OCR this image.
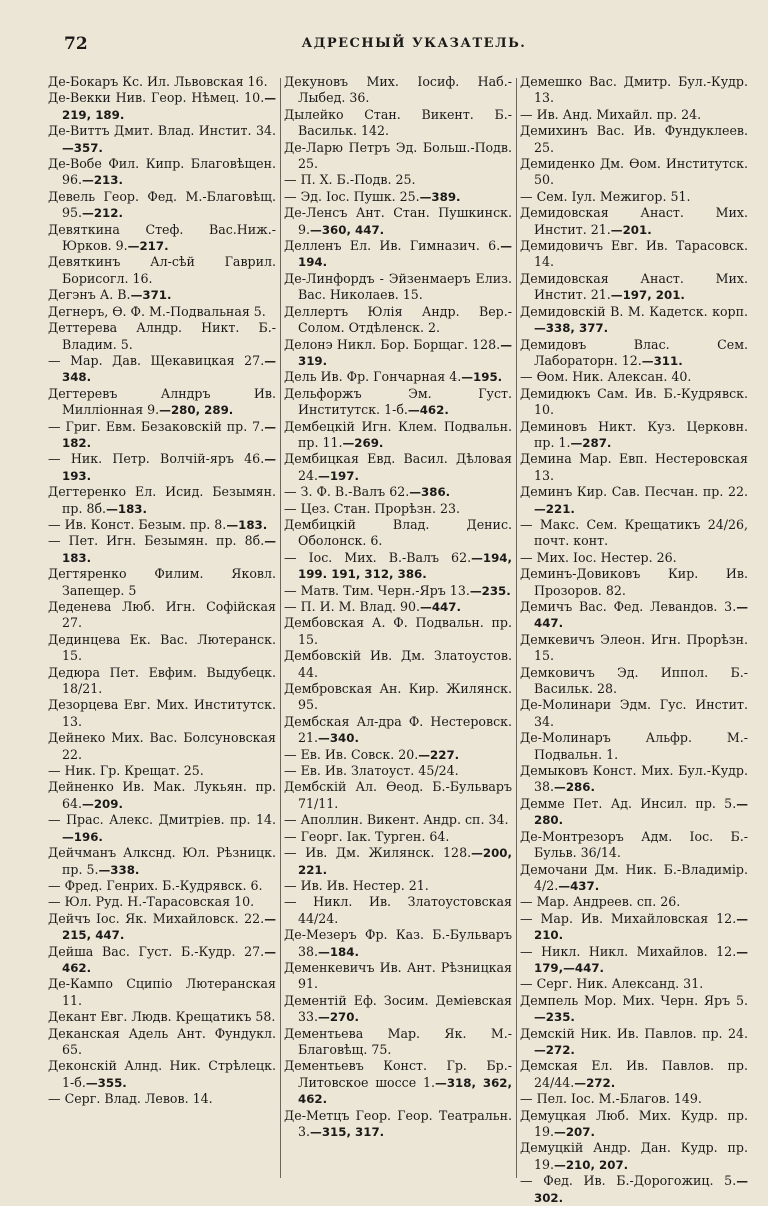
72	АДРЕСНЫЙ УКАЗАТЕЛЬ.
Де-Бокаръ Кс. Ил. Львовская 16.
Де-Векки Нив. Геор. Нѣмец. 10.—219, 189.
Де-Виттъ Дмит. Влад. Инстит. 34.—357.
Де-Вобе Фил. Кипр. Благовѣщен. 96.—213.
Девель Геор. Фед. М.-Благовѣщ. 95.—212.
Девяткина Стеф. Вас.Ниж.-Юрков. 9.—217.
Девяткинъ Ал-сѣй Гаврил. Борисогл. 16.
Дегэнъ А. В.—371.
Дегнеръ, Ѳ. Ф. М.-Подвальная 5.
Деттерева Алндр. Никт. Б.-Владим. 5.
— Мар. Дав. Щекавицкая 27.—348.
Дегтеревъ Алндръ Ив. Миллiонная 9.—280, 289.
— Григ. Евм. Безаковскiй пр. 7.—182.
— Ник. Петр. Волчiй-яръ 46.—193.
Дегтеренко Ел. Исид. Безымян. пр. 8б.—183.
— Ив. Конст. Безым. пр. 8.—183.
— Пет. Игн. Безымян. пр. 8б.—183.
Дегтяренко Филим. Яковл. Запещер. 5
Деденева Люб. Игн. Софiйская 27.
Дединцева Ек. Вас. Лютеранск. 15.
Дедюра Пет. Евфим. Выдубецк. 18/21.
Дезорцева Евг. Мих. Институтск. 13.
Дейнеко Мих. Вас. Болсуновская 22.
— Ник. Гр. Крещат. 25.
Дейненко Ив. Мак. Лукьян. пр. 64.—209.
— Прас. Алекс. Дмитрiев. пр. 14.—196.
Дейчманъ Алкснд. Юл. Рѣзницк. пр. 5.—338.
— Фред. Генрих. Б.-Кудрявск. 6.
— Юл. Руд. Н.-Тарасовская 10.
Дейчъ Іос. Як. Михайловск. 22.—215, 447.
Дейша Вас. Густ. Б.-Кудр. 27.—462.
Де-Кампо Сципiо Лютеранская 11.
Декант Евг. Людв. Крещатикъ 58.
Деканская Адель Ант. Фундукл. 65.
Деконскiй Алнд. Ник. Стрѣлецк. 1-б.—355.
— Серг. Влад. Левов. 14.
Декуновъ Мих. Іосиф. Наб.-Лыбед. 36.
Дылейко Стан. Викент. Б.-Васильк. 142.
Де-Ларю Петръ Эд. Больш.-Подв. 25.
— П. Х. Б.-Подв. 25.
— Эд. Іос. Пушк. 25.—389.
Де-Ленсъ Ант. Стан. Пушкинск. 9.—360, 447.
Делленъ Ел. Ив. Гимназич. 6.—194.
Де-Линфордъ - Эйзенмаеръ Елиз. Вас. Николаев. 15.
Деллертъ Юлiя Андр. Вер.-Солом. Отдѣленск. 2.
Делонэ Никл. Бор. Борщаг. 128.—319.
Дель Ив. Фр. Гончарная 4.—195.
Дельфоржъ Эм. Густ. Институтск. 1-б.—462.
Дембецкiй Игн. Клем. Подвальн. пр. 11.—269.
Дембицкая Евд. Васил. Дѣловая 24.—197.
— З. Ф. В.-Валъ 62.—386.
— Цез. Стан. Прорѣзн. 23.
Дембицкiй Влад. Денис. Оболонск. 6.
— Іос. Мих. В.-Валъ 62.—194, 199. 191, 312, 386.
— Матв. Тим. Черн.-Яръ 13.—235.
— П. И. М. Влад. 90.—447.
Дембовская А. Ф. Подвальн. пр. 15.
Дембовскiй Ив. Дм. Златоустов. 44.
Дембровская Ан. Кир. Жилянск. 95.
Дембская Ал-дра Ф. Нестеровск. 21.—340.
— Ев. Ив. Совск. 20.—227.
— Ев. Ив. Златоуст. 45/24.
Дембскiй Ал. Ѳеод. Б.-Бульваръ 71/11.
— Аполлин. Викент. Андр. сп. 34.
— Георг. Іак. Турген. 64.
— Ив. Дм. Жилянск. 128.—200, 221.
— Ив. Ив. Нестер. 21.
— Никл. Ив. Златоустовская 44/24.
Де-Мезеръ Фр. Каз. Б.-Бульваръ 38.—184.
Деменкевичъ Ив. Ант. Рѣзницкая 91.
Дементiй Еф. Зосим. Демiевская 33.—270.
Дементьева Мар. Як. М.-Благовѣщ. 75.
Дементьевъ Конст. Гр. Бр.-Литовское шоссе 1.—318, 362, 462.
Де-Метцъ Геор. Геор. Театральн. 3.—315, 317.
Демешко Вас. Дмитр. Бул.-Кудр. 13.
— Ив. Анд. Михайл. пр. 24.
Демихинъ Вас. Ив. Фундуклеев. 25.
Демиденко Дм. Ѳом. Институтск. 50.
— Сем. Іул. Межигор. 51.
Демидовская Анаст. Мих. Инстит. 21.—201.
Демидовичъ Евг. Ив. Тарасовск. 14.
Демидовская Анаст. Мих. Инстит. 21.—197, 201.
Демидовскiй В. М. Кадетск. корп.—338, 377.
Демидовъ Влас. Сем. Лабораторн. 12.—311.
— Ѳом. Ник. Алексан. 40.
Демидюкъ Сам. Ив. Б.-Кудрявск. 10.
Деминовъ Никт. Куз. Церковн. пр. 1.—287.
Демина Мар. Евп. Нестеровская 13.
Деминъ Кир. Сав. Песчан. пр. 22.—221.
— Макс. Сем. Крещатикъ 24/26, почт. конт.
— Мих. Іос. Нестер. 26.
Деминъ-Довиковъ Кир. Ив. Прозоров. 82.
Демичъ Вас. Фед. Левандов. 3.—447.
Демкевичъ Элеон. Игн. Прорѣзн. 15.
Демковичъ Эд. Иппол. Б.-Васильк. 28.
Де-Молинари Эдм. Гус. Инстит. 34.
Де-Молинаръ Альфр. М.-Подвальн. 1.
Демыковъ Конст. Мих. Бул.-Кудр. 38.—286.
Демме Пет. Ад. Инсил. пр. 5.—280.
Де-Монтрезоръ Адм. Іос. Б.-Бульв. 36/14.
Демочани Дм. Ник. Б.-Владимiр. 4/2.—437.
— Мар. Андреев. сп. 26.
— Мар. Ив. Михайловская 12.—210.
— Никл. Никл. Михайлов. 12.—179,—447.
— Серг. Ник. Александ. 31.
Демпель Мор. Мих. Черн. Яръ 5.—235.
Демскiй Ник. Ив. Павлов. пр. 24.—272.
Демская Ел. Ив. Павлов. пр. 24/44.—272.
— Пел. Іос. М.-Благов. 149.
Демуцкая Люб. Мих. Кудр. пр. 19.—207.
Демуцкiй Андр. Дан. Кудр. пр. 19.—210, 207.
— Фед. Ив. Б.-Дорогожиц. 5.—302.
